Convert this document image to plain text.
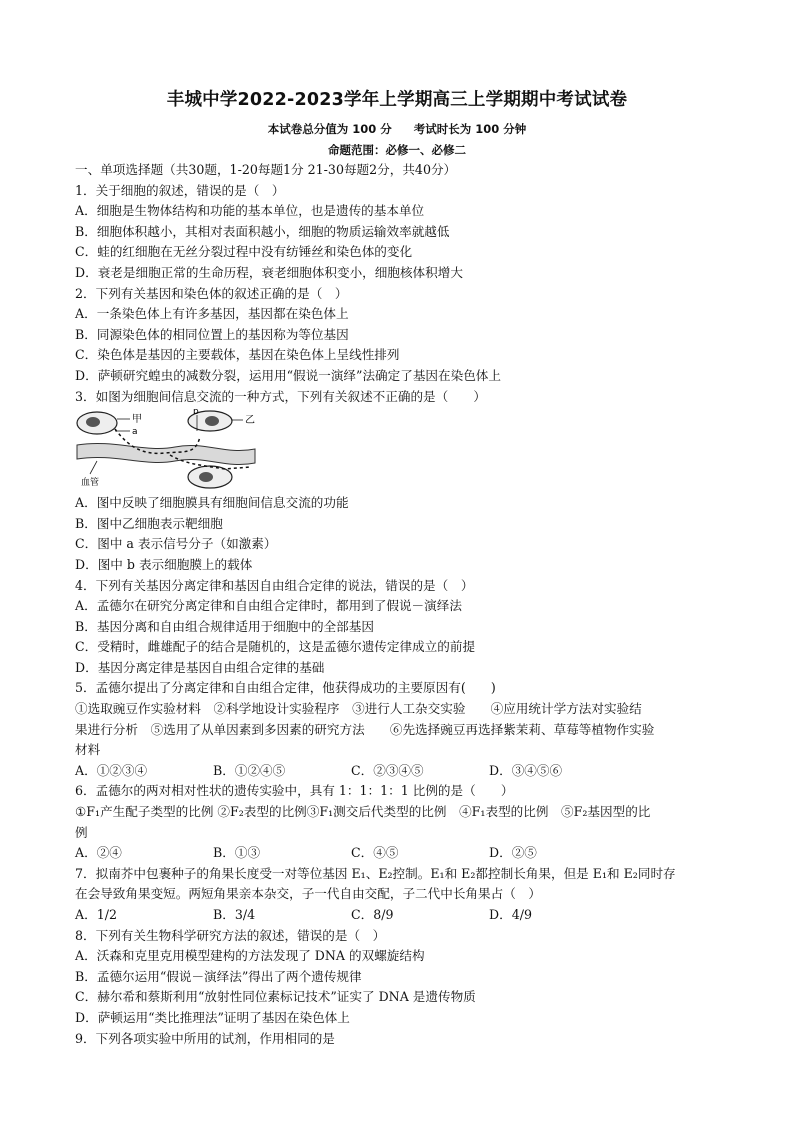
丰城中学2022-2023学年上学期高三上学期期中考试试卷
本试卷总分值为 100 分 考试时长为 100 分钟
命题范围：必修一、必修二
一、单项选择题（共30题，1-20每题1分 21-30每题2分，共40分）
1．关于细胞的叙述，错误的是（　）
A．细胞是生物体结构和功能的基本单位，也是遗传的基本单位
B．细胞体积越小，其相对表面积越小，细胞的物质运输效率就越低
C．蛙的红细胞在无丝分裂过程中没有纺锤丝和染色体的变化
D．衰老是细胞正常的生命历程，衰老细胞体积变小，细胞核体积增大
2．下列有关基因和染色体的叙述正确的是（　）
A．一条染色体上有许多基因，基因都在染色体上
B．同源染色体的相同位置上的基因称为等位基因
C．染色体是基因的主要载体，基因在染色体上呈线性排列
D．萨顿研究蝗虫的减数分裂，运用用“假说一演绎”法确定了基因在染色体上
3．如图为细胞间信息交流的一种方式，下列有关叙述不正确的是（　　）
甲	乙
a
b
血管
A．图中反映了细胞膜具有细胞间信息交流的功能
B．图中乙细胞表示靶细胞
C．图中 a 表示信号分子（如激素）
D．图中 b 表示细胞膜上的载体
4．下列有关基因分离定律和基因自由组合定律的说法，错误的是（　）
A．孟德尔在研究分离定律和自由组合定律时，都用到了假说－演绎法
B．基因分离和自由组合规律适用于细胞中的全部基因
C．受精时，雌雄配子的结合是随机的，这是孟德尔遗传定律成立的前提
D．基因分离定律是基因自由组合定律的基础
5．孟德尔提出了分离定律和自由组合定律，他获得成功的主要原因有(　　)
①选取豌豆作实验材料　②科学地设计实验程序　③进行人工杂交实验　　④应用统计学方法对实验结
果进行分析　⑤选用了从单因素到多因素的研究方法　　⑥先选择豌豆再选择紫茉莉、草莓等植物作实验
材料
A．①②③④	B．①②④⑤	C．②③④⑤	D．③④⑤⑥
6．孟德尔的两对相对性状的遗传实验中，具有 1：1：1：1 比例的是（　　）
①F₁产生配子类型的比例 ②F₂表型的比例③F₁测交后代类型的比例　④F₁表型的比例　⑤F₂基因型的比
例
A．②④	B．①③	C．④⑤	D．②⑤
7．拟南芥中包裹种子的角果长度受一对等位基因 E₁、E₂控制。E₁和 E₂都控制长角果，但是 E₁和 E₂同时存
在会导致角果变短。两短角果亲本杂交，子一代自由交配，子二代中长角果占（　）
A．1/2	B．3/4	C．8/9	D．4/9
8．下列有关生物科学研究方法的叙述，错误的是（　）
A．沃森和克里克用模型建构的方法发现了 DNA 的双螺旋结构
B．孟德尔运用“假说－演绎法”得出了两个遗传规律
C．赫尔希和蔡斯利用“放射性同位素标记技术”证实了 DNA 是遗传物质
D．萨顿运用“类比推理法”证明了基因在染色体上
9．下列各项实验中所用的试剂，作用相同的是
